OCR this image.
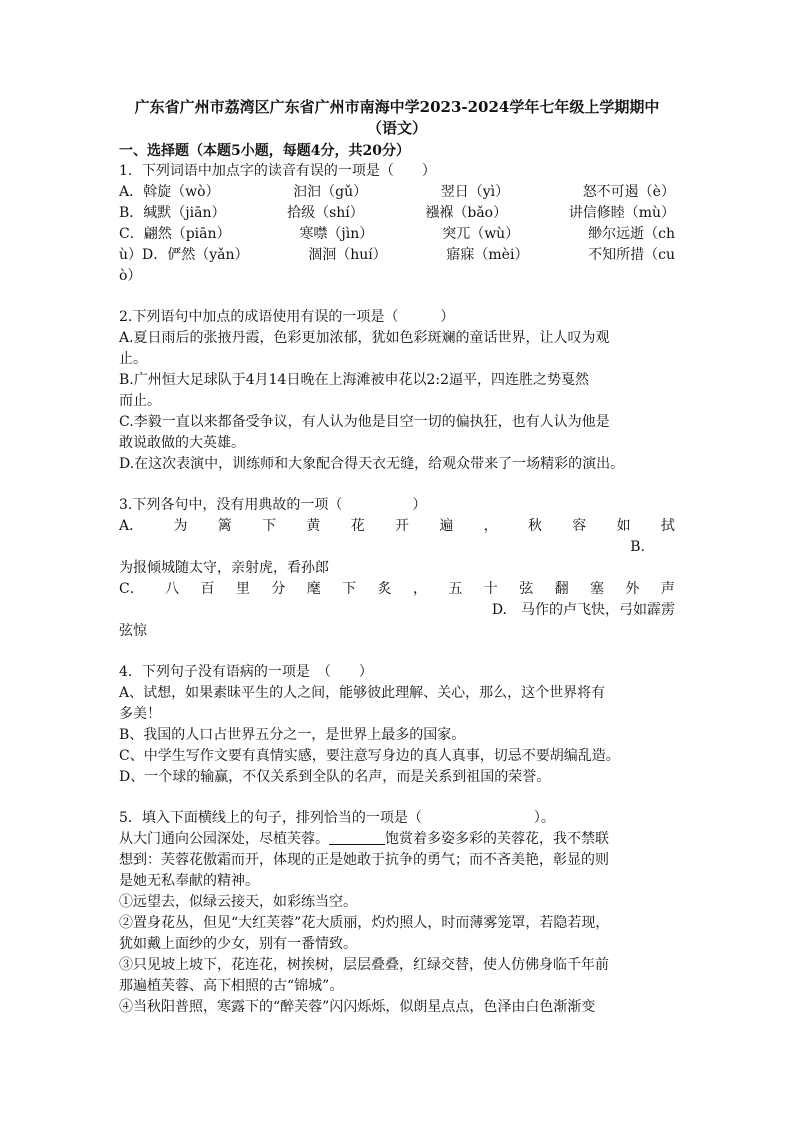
广东省广州市荔湾区广东省广州市南海中学2023-2024学年七年级上学期期中
（语文）
一、选择题（本题5小题，每题4分，共20分）
1．下列词语中加点字的读音有误的一项是（　　）
A．斡旋（wò）	汩汩（gǔ）	翌日（yì）	怒不可遏（è）
B．缄默（jiān）	拾级（shí）	襁褓（bǎo）	讲信修睦（mù）
C．翩然（piān）	寒噤（jìn）	突兀（wù）	缈尔远逝（ch
ù）D．俨然（yǎn）	涸洄（huí）	寤寐（mèi）	不知所措（cu
ò）
2.下列语句中加点的成语使用有误的一项是（　　　）
A.夏日雨后的张掖丹霞，色彩更加浓郁，犹如色彩斑斓的童话世界，让人叹为观
止。
B.广州恒大足球队于4月14日晚在上海滩被申花以2:2逼平，四连胜之势戛然
而止。
C.李毅一直以来都备受争议，有人认为他是目空一切的偏执狂，也有人认为他是
敢说敢做的大英雄。
D.在这次表演中，训练师和大象配合得天衣无缝，给观众带来了一场精彩的演出。
3.下列各句中，没有用典故的一项（　　　　　）
A． 为 篱 下 黄 花 开 遍 ， 秋 容 如 拭
B.
为报倾城随太守，亲射虎，看孙郎
C． 八 百 里 分 麾 下 炙 ， 五 十 弦 翻 塞 外 声
D.　马作的卢飞快，弓如霹雳
弦惊
4．下列句子没有语病的一项是　（　　）
A、试想，如果素昧平生的人之间，能够彼此理解、关心，那么，这个世界将有
多美！
B、我国的人口占世界五分之一，是世界上最多的国家。
C、中学生写作文要有真情实感，要注意写身边的真人真事，切忌不要胡编乱造。
D、一个球的输赢，不仅关系到全队的名声，而是关系到祖国的荣誉。
5．填入下面横线上的句子，排列恰当的一项是（　　　　　　　　）。
从大门通向公园深处，尽植芙蓉。	饱赏着多姿多彩的芙蓉花，我不禁联
想到：芙蓉花傲霜而开，体现的正是她敢于抗争的勇气；而不吝美艳，彰显的则
是她无私奉献的精神。
①远望去，似绿云接天，如彩练当空。
②置身花丛，但见“大红芙蓉”花大质丽，灼灼照人，时而薄雾笼罩，若隐若现，
犹如戴上面纱的少女，别有一番情致。
③只见坡上坡下，花连花，树挨树，层层叠叠，红绿交替，使人仿佛身临千年前
那遍植芙蓉、高下相照的古“锦城”。
④当秋阳普照，寒露下的“醉芙蓉”闪闪烁烁，似朗星点点，色泽由白色渐渐变
